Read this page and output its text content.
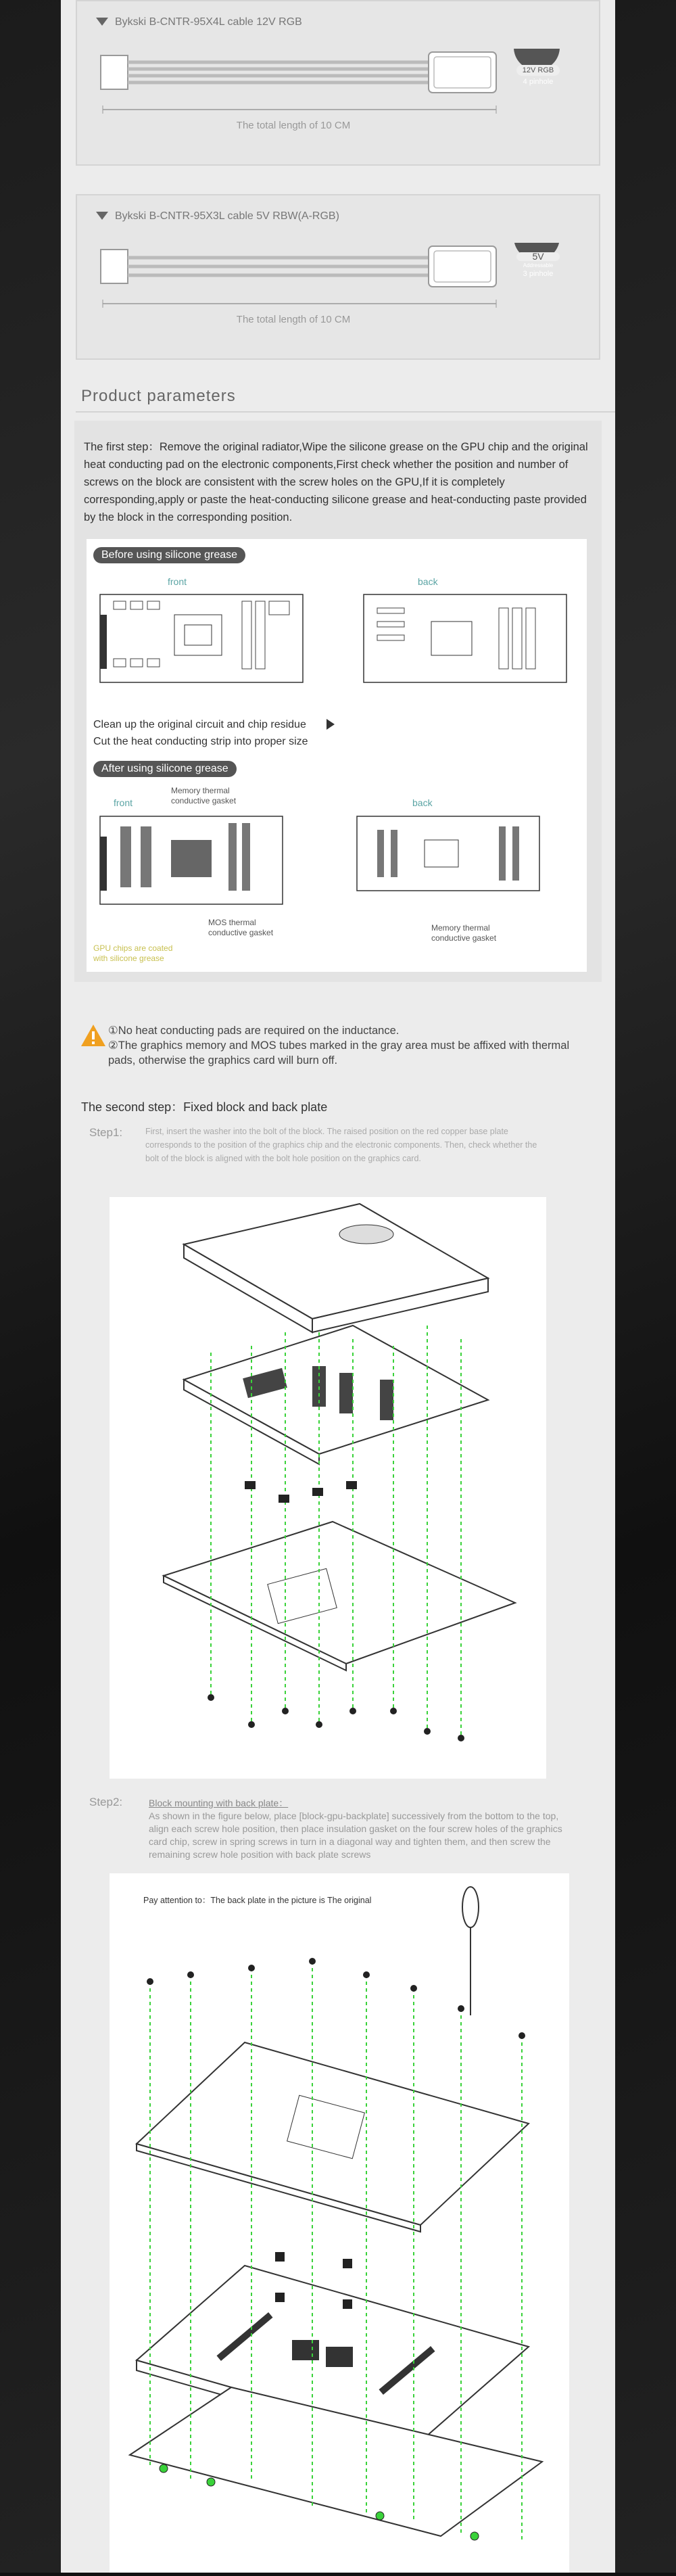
Bykski B-CNTR-95X4L cable 12V RGB
12V RGB
4 pinhole
The total length of 10 CM
Bykski B-CNTR-95X3L cable 5V RBW(A-RGB)
5V
Addressable
3 pinhole
The total length of 10 CM
Product parameters
The first step：Remove the original radiator,Wipe the silicone grease on the GPU chip and the original heat conducting pad on the electronic components,First check whether the position and number of screws on the block are consistent with the screw holes on the GPU,If it is completely corresponding,apply or paste the heat-conducting silicone grease and heat-conducting paste provided by the block in the corresponding position.
Before using silicone grease
front	back
Clean up the original circuit and chip residue
Cut the heat conducting strip into proper size
After using silicone grease
front	back
Memory thermal conductive gasket
MOS thermal conductive gasket
GPU chips are coated with silicone grease
Memory thermal conductive gasket
①No heat conducting pads are required on the inductance.
②The graphics memory and MOS tubes marked in the gray area must be affixed with thermal pads, otherwise the graphics card will burn off.
The second step：Fixed block and back plate
Step1:	First, insert the washer into the bolt of the block. The raised position on the red copper base plate corresponds to the position of the graphics chip and the electronic components. Then, check whether the bolt of the block is aligned with the bolt hole position on the graphics card.
Step2:	Block mounting with back plate：
As shown in the figure below, place [block-gpu-backplate] successively from the bottom to the top, align each screw hole position, then place insulation gasket on the four screw holes of the graphics card chip, screw in spring screws in turn in a diagonal way and tighten them, and then screw the remaining screw hole position with back plate screws
Pay attention to：The back plate in the picture is The original
